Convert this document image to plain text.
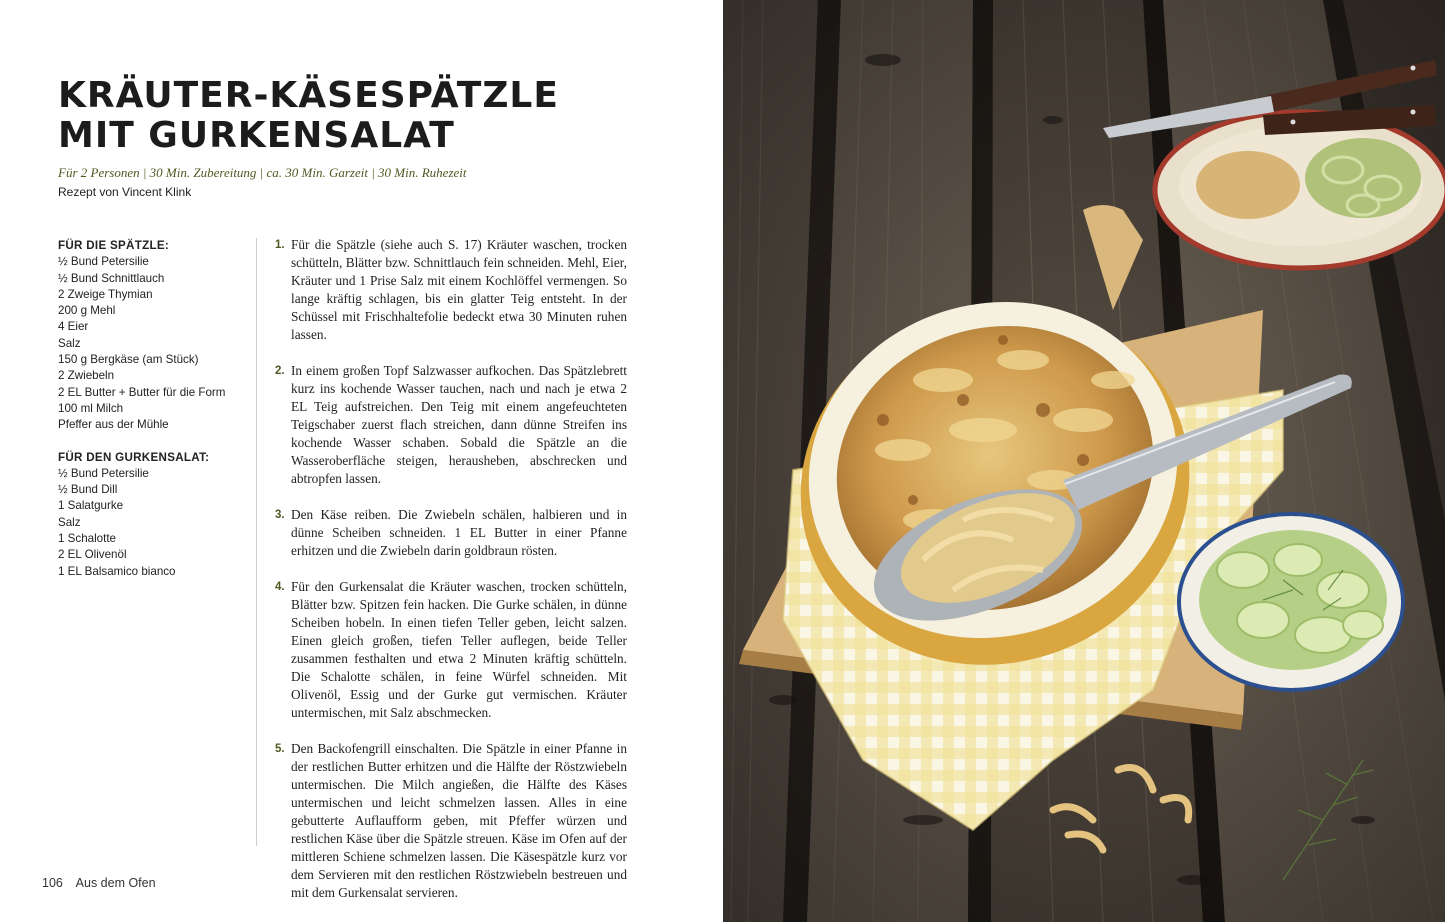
KRÄUTER-KÄSESPÄTZLE
MIT GURKENSALAT
Für 2 Personen | 30 Min. Zubereitung | ca. 30 Min. Garzeit | 30 Min. Ruhezeit
Rezept von Vincent Klink
FÜR DIE SPÄTZLE:
½ Bund Petersilie
½ Bund Schnittlauch
2 Zweige Thymian
200 g Mehl
4 Eier
Salz
150 g Bergkäse (am Stück)
2 Zwiebeln
2 EL Butter + Butter für die Form
100 ml Milch
Pfeffer aus der Mühle
FÜR DEN GURKENSALAT:
½ Bund Petersilie
½ Bund Dill
1 Salatgurke
Salz
1 Schalotte
2 EL Olivenöl
1 EL Balsamico bianco
1. Für die Spätzle (siehe auch S. 17) Kräuter waschen, trocken schütteln, Blätter bzw. Schnittlauch fein schneiden. Mehl, Eier, Kräuter und 1 Prise Salz mit einem Kochlöffel vermengen. So lange kräftig schlagen, bis ein glatter Teig entsteht. In der Schüssel mit Frischhaltefolie bedeckt etwa 30 Minuten ruhen lassen.
2. In einem großen Topf Salzwasser aufkochen. Das Spätzlebrett kurz ins kochende Wasser tauchen, nach und nach je etwa 2 EL Teig aufstreichen. Den Teig mit einem angefeuchteten Teigschaber zuerst flach streichen, dann dünne Streifen ins kochende Wasser schaben. Sobald die Spätzle an die Wasseroberfläche steigen, herausheben, abschrecken und abtropfen lassen.
3. Den Käse reiben. Die Zwiebeln schälen, halbieren und in dünne Scheiben schneiden. 1 EL Butter in einer Pfanne erhitzen und die Zwiebeln darin goldbraun rösten.
4. Für den Gurkensalat die Kräuter waschen, trocken schütteln, Blätter bzw. Spitzen fein hacken. Die Gurke schälen, in dünne Scheiben hobeln. In einen tiefen Teller geben, leicht salzen. Einen gleich großen, tiefen Teller auflegen, beide Teller zusammen festhalten und etwa 2 Minuten kräftig schütteln. Die Schalotte schälen, in feine Würfel schneiden. Mit Olivenöl, Essig und der Gurke gut vermischen. Kräuter untermischen, mit Salz abschmecken.
5. Den Backofengrill einschalten. Die Spätzle in einer Pfanne in der restlichen Butter erhitzen und die Hälfte der Röstzwiebeln untermischen. Die Milch angießen, die Hälfte des Käses untermischen und leicht schmelzen lassen. Alles in eine gebutterte Auflaufform geben, mit Pfeffer würzen und restlichen Käse über die Spätzle streuen. Käse im Ofen auf der mittleren Schiene schmelzen lassen. Die Käsespätzle kurz vor dem Servieren mit den restlichen Röstzwiebeln bestreuen und mit dem Gurkensalat servieren.
106 Aus dem Ofen
